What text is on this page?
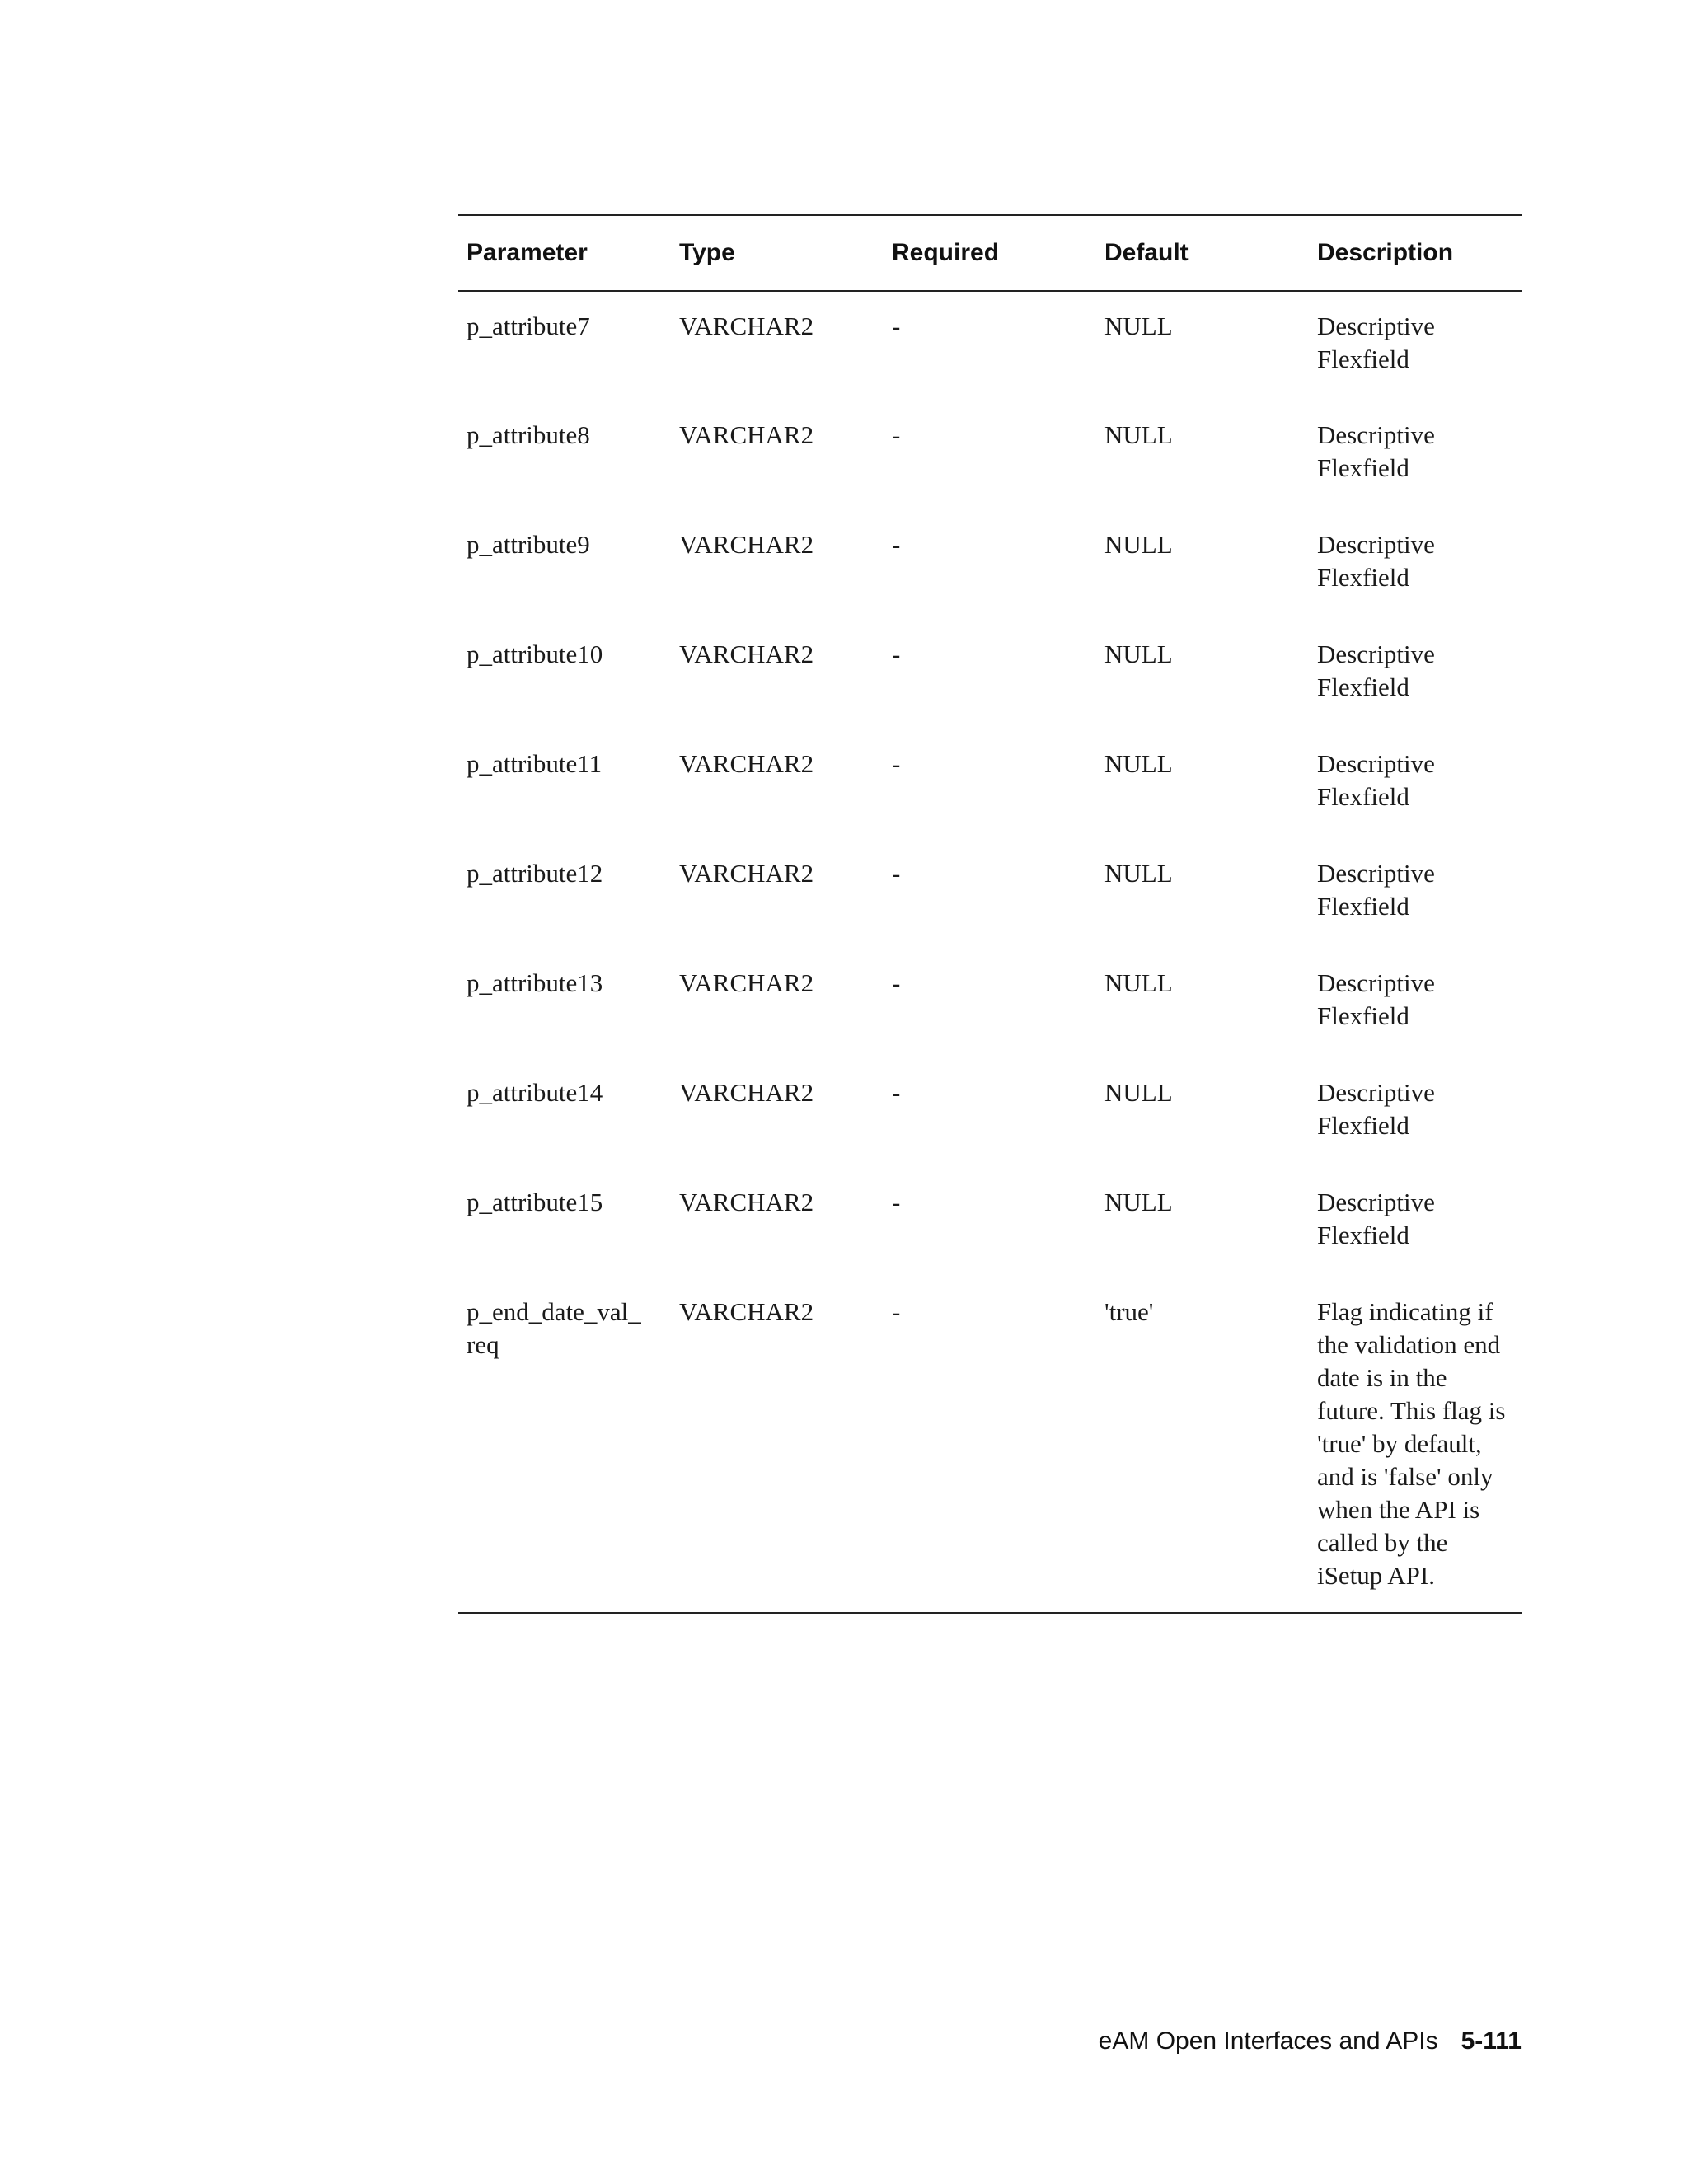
Parameter	Type	Required	Default	Description
p_attribute7	VARCHAR2	-	NULL	Descriptive Flexfield
p_attribute8	VARCHAR2	-	NULL	Descriptive Flexfield
p_attribute9	VARCHAR2	-	NULL	Descriptive Flexfield
p_attribute10	VARCHAR2	-	NULL	Descriptive Flexfield
p_attribute11	VARCHAR2	-	NULL	Descriptive Flexfield
p_attribute12	VARCHAR2	-	NULL	Descriptive Flexfield
p_attribute13	VARCHAR2	-	NULL	Descriptive Flexfield
p_attribute14	VARCHAR2	-	NULL	Descriptive Flexfield
p_attribute15	VARCHAR2	-	NULL	Descriptive Flexfield
p_end_date_val_ req	VARCHAR2	-	'true'	Flag indicating if the validation end date is in the future. This flag is 'true' by default, and is 'false' only when the API is called by the iSetup API.
eAM Open Interfaces and APIs 5-111
